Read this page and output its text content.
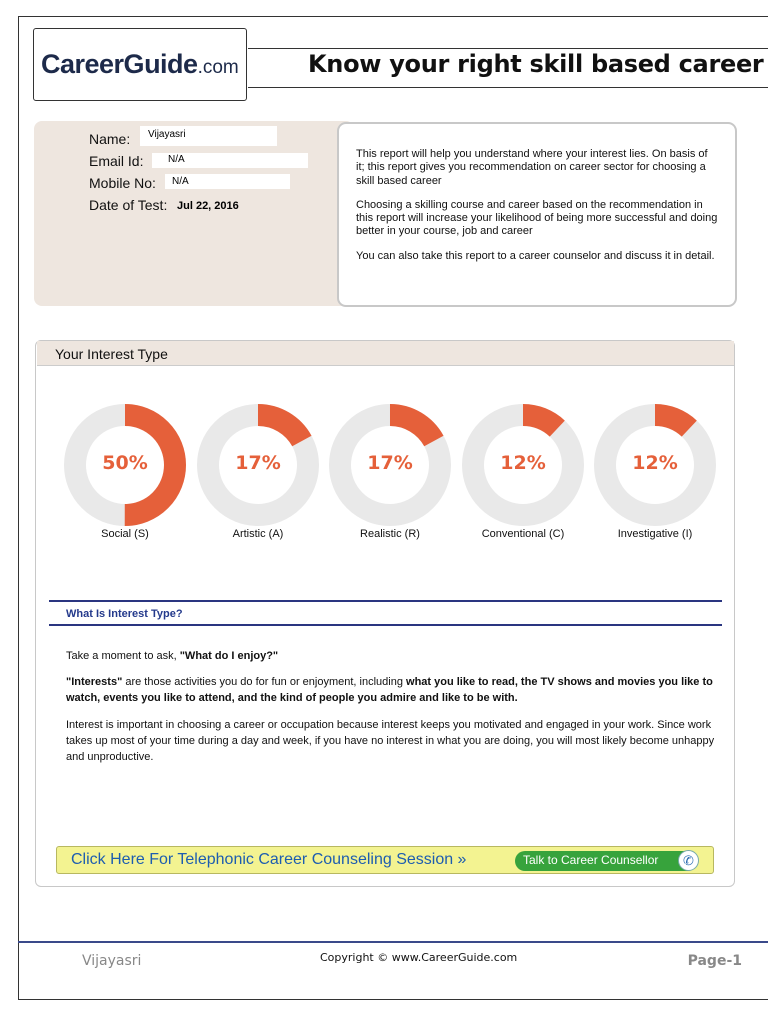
CareerGuide.com	Know your right skill based career
Name:	Vijayasri
Email Id:	N/A
Mobile No:	N/A
Date of Test: Jul 22, 2016

This report will help you understand where your interest lies. On basis of it; this report gives you recommendation on career sector for choosing a skill based career

Choosing a skilling course and career based on the recommendation in this report will increase your likelihood of being more successful and doing better in your course, job and career

You can also take this report to a career counselor and discuss it in detail.

Your Interest Type
50%
Social (S)
17%
Artistic (A)
17%
Realistic (R)
12%
Conventional (C)
12%
Investigative (I)
What Is Interest Type?
Take a moment to ask, "What do I enjoy?"
"Interests" are those activities you do for fun or enjoyment, including what you like to read, the TV shows and movies you like to watch, events you like to attend, and the kind of people you admire and like to be with.
Interest is important in choosing a career or occupation because interest keeps you motivated and engaged in your work. Since work takes up most of your time during a day and week, if you have no interest in what you are doing, you will most likely become unhappy and unproductive.
Click Here For Telephonic Career Counseling Session »	Talk to Career Counsellor	✆
Vijayasri	Copyright © www.CareerGuide.com	Page-1
